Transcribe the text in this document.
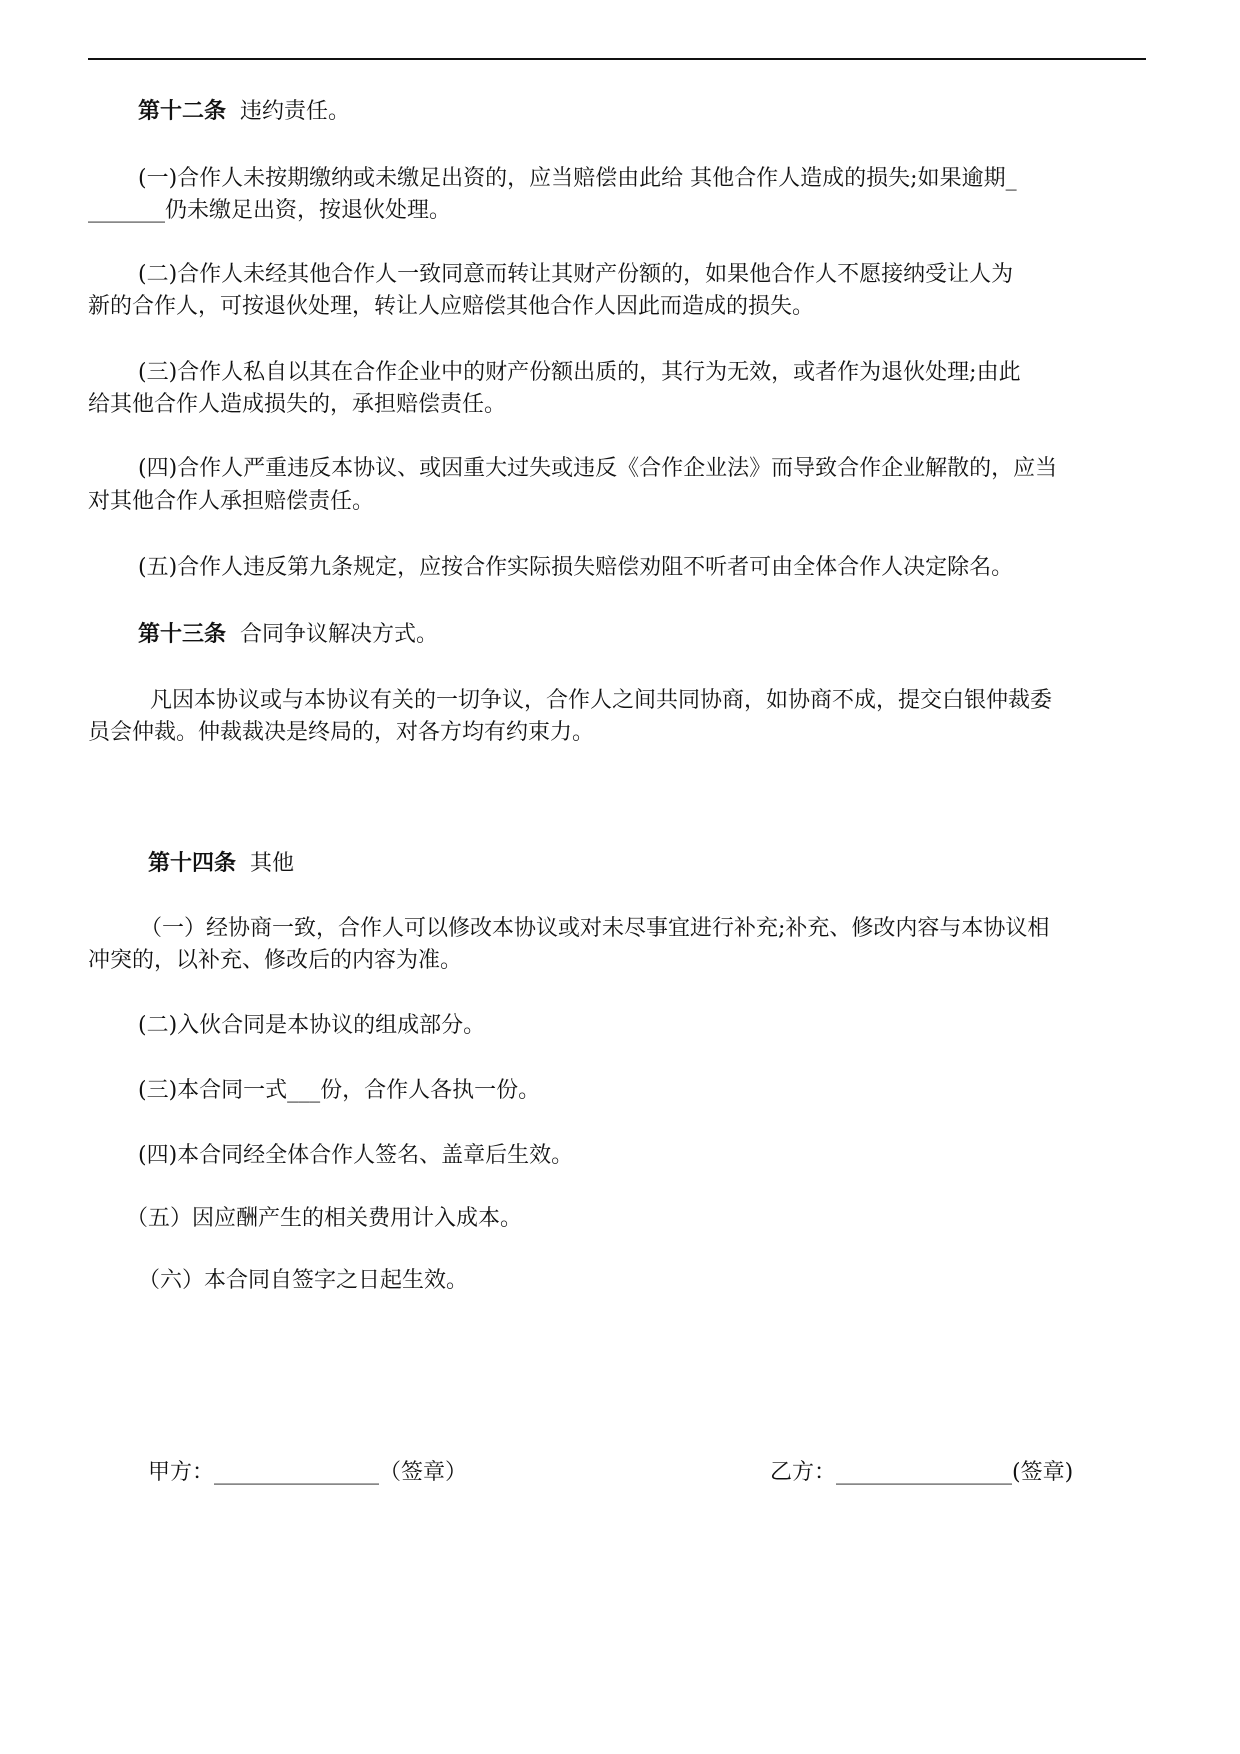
第十二条 违约责任。
(一)合作人未按期缴纳或未缴足出资的，应当赔偿由此给 其他合作人造成的损失;如果逾期_
_______仍未缴足出资，按退伙处理。
(二)合作人未经其他合作人一致同意而转让其财产份额的，如果他合作人不愿接纳受让人为
新的合作人，可按退伙处理，转让人应赔偿其他合作人因此而造成的损失。
(三)合作人私自以其在合作企业中的财产份额出质的，其行为无效，或者作为退伙处理;由此
给其他合作人造成损失的，承担赔偿责任。
(四)合作人严重违反本协议、或因重大过失或违反《合作企业法》而导致合作企业解散的，应当
对其他合作人承担赔偿责任。
(五)合作人违反第九条规定，应按合作实际损失赔偿劝阻不听者可由全体合作人决定除名。
第十三条 合同争议解决方式。
凡因本协议或与本协议有关的一切争议，合作人之间共同协商，如协商不成，提交白银仲裁委
员会仲裁。仲裁裁决是终局的，对各方均有约束力。
第十四条 其他
（一）经协商一致，合作人可以修改本协议或对未尽事宜进行补充;补充、修改内容与本协议相
冲突的，以补充、修改后的内容为准。
(二)入伙合同是本协议的组成部分。
(三)本合同一式___份，合作人各执一份。
(四)本合同经全体合作人签名、盖章后生效。
（五）因应酬产生的相关费用计入成本。
（六）本合同自签字之日起生效。
甲方：_______________（签章）	乙方：________________(签章)
